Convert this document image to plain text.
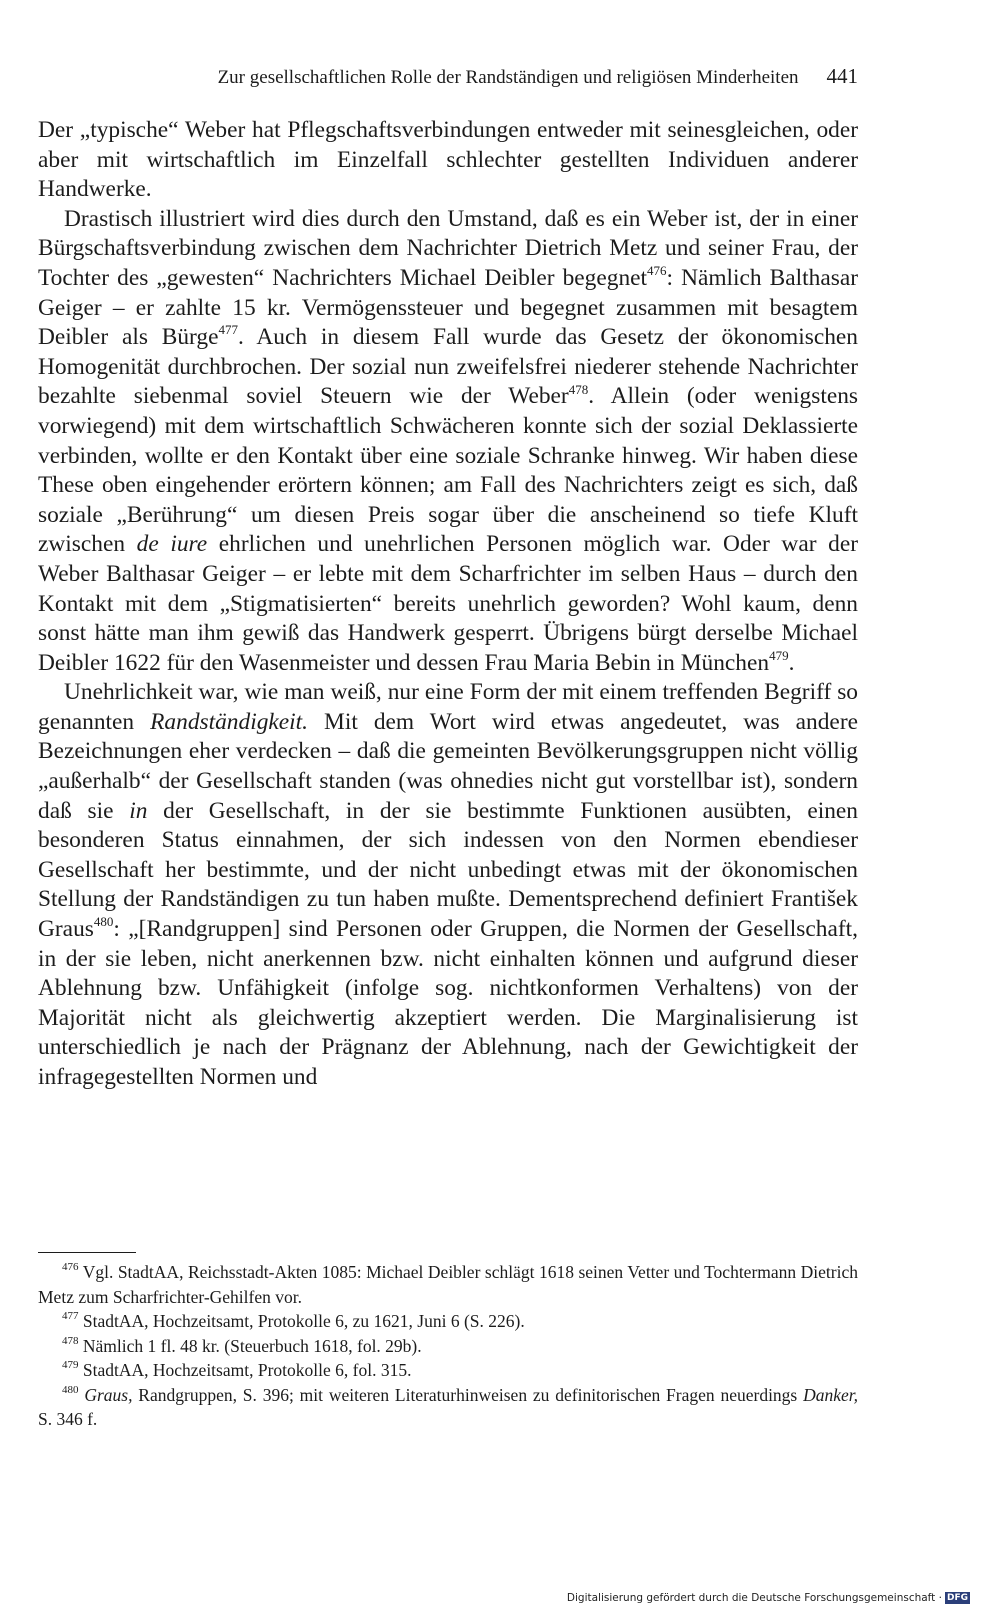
Zur gesellschaftlichen Rolle der Randständigen und religiösen Minderheiten 441

Der „typische“ Weber hat Pflegschaftsverbindungen entweder mit seinesgleichen, oder aber mit wirtschaftlich im Einzelfall schlechter gestellten Individuen anderer Handwerke.

Drastisch illustriert wird dies durch den Umstand, daß es ein Weber ist, der in einer Bürgschaftsverbindung zwischen dem Nachrichter Dietrich Metz und seiner Frau, der Tochter des „gewesten“ Nachrichters Michael Deibler begegnet$^{476}$: Nämlich Balthasar Geiger – er zahlte 15 kr. Vermögenssteuer und begegnet zusammen mit besagtem Deibler als Bürge$^{477}$. Auch in diesem Fall wurde das Gesetz der ökonomischen Homogenität durchbrochen. Der sozial nun zweifelsfrei niederer stehende Nachrichter bezahlte siebenmal soviel Steuern wie der Weber$^{478}$. Allein (oder wenigstens vorwiegend) mit dem wirtschaftlich Schwächeren konnte sich der sozial Deklassierte verbinden, wollte er den Kontakt über eine soziale Schranke hinweg. Wir haben diese These oben eingehender erörtern können; am Fall des Nachrichters zeigt es sich, daß soziale „Berührung“ um diesen Preis sogar über die anscheinend so tiefe Kluft zwischen de iure ehrlichen und unehrlichen Personen möglich war. Oder war der Weber Balthasar Geiger – er lebte mit dem Scharfrichter im selben Haus – durch den Kontakt mit dem „Stigmatisierten“ bereits unehrlich geworden? Wohl kaum, denn sonst hätte man ihm gewiß das Handwerk gesperrt. Übrigens bürgt derselbe Michael Deibler 1622 für den Wasenmeister und dessen Frau Maria Bebin in München$^{479}$.

Unehrlichkeit war, wie man weiß, nur eine Form der mit einem treffenden Begriff so genannten Randständigkeit. Mit dem Wort wird etwas angedeutet, was andere Bezeichnungen eher verdecken – daß die gemeinten Bevölkerungsgruppen nicht völlig „außerhalb“ der Gesellschaft standen (was ohnedies nicht gut vorstellbar ist), sondern daß sie in der Gesellschaft, in der sie bestimmte Funktionen ausübten, einen besonderen Status einnahmen, der sich indessen von den Normen ebendieser Gesellschaft her bestimmte, und der nicht unbedingt etwas mit der ökonomischen Stellung der Randständigen zu tun haben mußte. Dementsprechend definiert František Graus$^{480}$: „[Randgruppen] sind Personen oder Gruppen, die Normen der Gesellschaft, in der sie leben, nicht anerkennen bzw. nicht einhalten können und aufgrund dieser Ablehnung bzw. Unfähigkeit (infolge sog. nichtkonformen Verhaltens) von der Majorität nicht als gleichwertig akzeptiert werden. Die Marginalisierung ist unterschiedlich je nach der Prägnanz der Ablehnung, nach der Gewichtigkeit der infragegestellten Normen und

$^{476}$ Vgl. StadtAA, Reichsstadt-Akten 1085: Michael Deibler schlägt 1618 seinen Vetter und Tochtermann Dietrich Metz zum Scharfrichter-Gehilfen vor.

$^{477}$ StadtAA, Hochzeitsamt, Protokolle 6, zu 1621, Juni 6 (S. 226).

$^{478}$ Nämlich 1 fl. 48 kr. (Steuerbuch 1618, fol. 29b).

$^{479}$ StadtAA, Hochzeitsamt, Protokolle 6, fol. 315.

$^{480}$ Graus, Randgruppen, S. 396; mit weiteren Literaturhinweisen zu definitorischen Fragen neuerdings Danker, S. 346 f.

Digitalisierung gefördert durch die Deutsche Forschungsgemeinschaft · DFG
